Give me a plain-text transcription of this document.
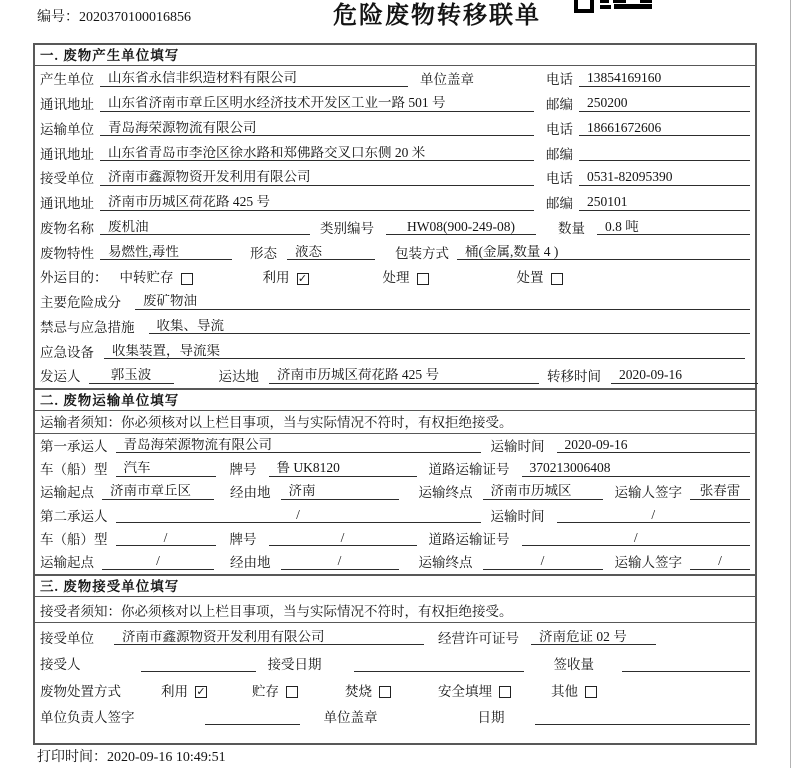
编号：2020370100016856	危险废物转移联单
一. 废物产生单位填写
产生单位	山东省永信非织造材料有限公司	单位盖章	电话	13854169160
通讯地址	山东省济南市章丘区明水经济技术开发区工业一路 501 号	邮编	250200
运输单位	青岛海荣源物流有限公司	电话	18661672606
通讯地址	山东省青岛市李沧区徐水路和郑佛路交叉口东侧 20 米	邮编
接受单位	济南市鑫源物资开发利用有限公司	电话	0531-82095390
通讯地址	济南市历城区荷花路 425 号	邮编	250101
废物名称	废机油	类别编号	HW08(900-249-08)	数量	0.8 吨
废物特性	易燃性,毒性	形态	液态	包装方式	桶(金属,数量 4 )
外运目的： 中转贮存	利用 ✓	处理	处置
主要危险成分	废矿物油
禁忌与应急措施	收集、导流
应急设备	收集装置，导流渠
发运人	郭玉波	运达地	济南市历城区荷花路 425 号	转移时间	2020-09-16
二. 废物运输单位填写
运输者须知： 你必须核对以上栏目事项，当与实际情况不符时，有权拒绝接受。
第一承运人	青岛海荣源物流有限公司	运输时间	2020-09-16
车（船）型	汽车	牌号	鲁 UK8120	道路运输证号	370213006408
运输起点	济南市章丘区	经由地	济南	运输终点	济南市历城区	运输人签字	张春雷
第二承运人	/	运输时间	/
车（船）型	/	牌号	/	道路运输证号	/
运输起点	/	经由地	/	运输终点	/	运输人签字	/
三. 废物接受单位填写
接受者须知： 你必须核对以上栏目事项，当与实际情况不符时，有权拒绝接受。
接受单位	济南市鑫源物资开发利用有限公司	经营许可证号	济南危证 02 号
接受人	接受日期	签收量
废物处置方式	利用 ✓	贮存	焚烧	安全填埋	其他
单位负责人签字	单位盖章	日期
打印时间：2020-09-16 10:49:51
